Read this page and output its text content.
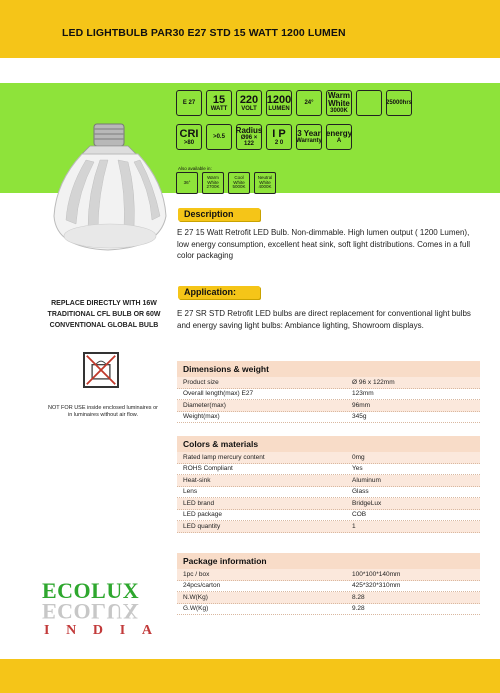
LED LIGHTBULB PAR30 E27 STD 15 WATT 1200 LUMEN
E 27 15
WATT
220
VOLT
1200
LUMEN
24°
Warm White
3000K
25000hrs
CRI
>80
>0.5
Radius
Ø96 × 122
I P
2 0
3 Year
Warranty
energy
A
Also available in:
36°
Warm White
2700K
Cool White
5000K
Neutral White
4000K
Description
E 27 15 Watt Retrofit LED Bulb. Non-dimmable. High lumen output ( 1200 Lumen), low energy consumption, excellent heat sink, soft light distributions. Comes in a full color packaging
Application:
E 27 SR STD Retrofit LED bulbs are direct replacement for conventional light bulbs and energy saving light bulbs: Ambiance lighting, Showroom displays.
REPLACE DIRECTLY WITH 16W TRADITIONAL CFL BULB OR 60W CONVENTIONAL GLOBAL BULB
NOT FOR USE inside enclosed luminaires or in luminaires without air flow.
Dimensions & weight
Product size	Ø 96 x 122mm
Overall length(max) E27	123mm
Diameter(max)	96mm
Weight(max)	345g
Colors & materials
Rated lamp mercury content	0mg
ROHS Compliant	Yes
Heat-sink	Aluminum
Lens	Glass
LED brand	BridgeLux
LED package	COB
LED quantity	1
Package information
1pc / box	100*100*140mm
24pcs/carton	425*320*310mm
N.W(Kg)	8.28
G.W(Kg)	9.28
ECOLUX
ECOLUX
I N D I A
